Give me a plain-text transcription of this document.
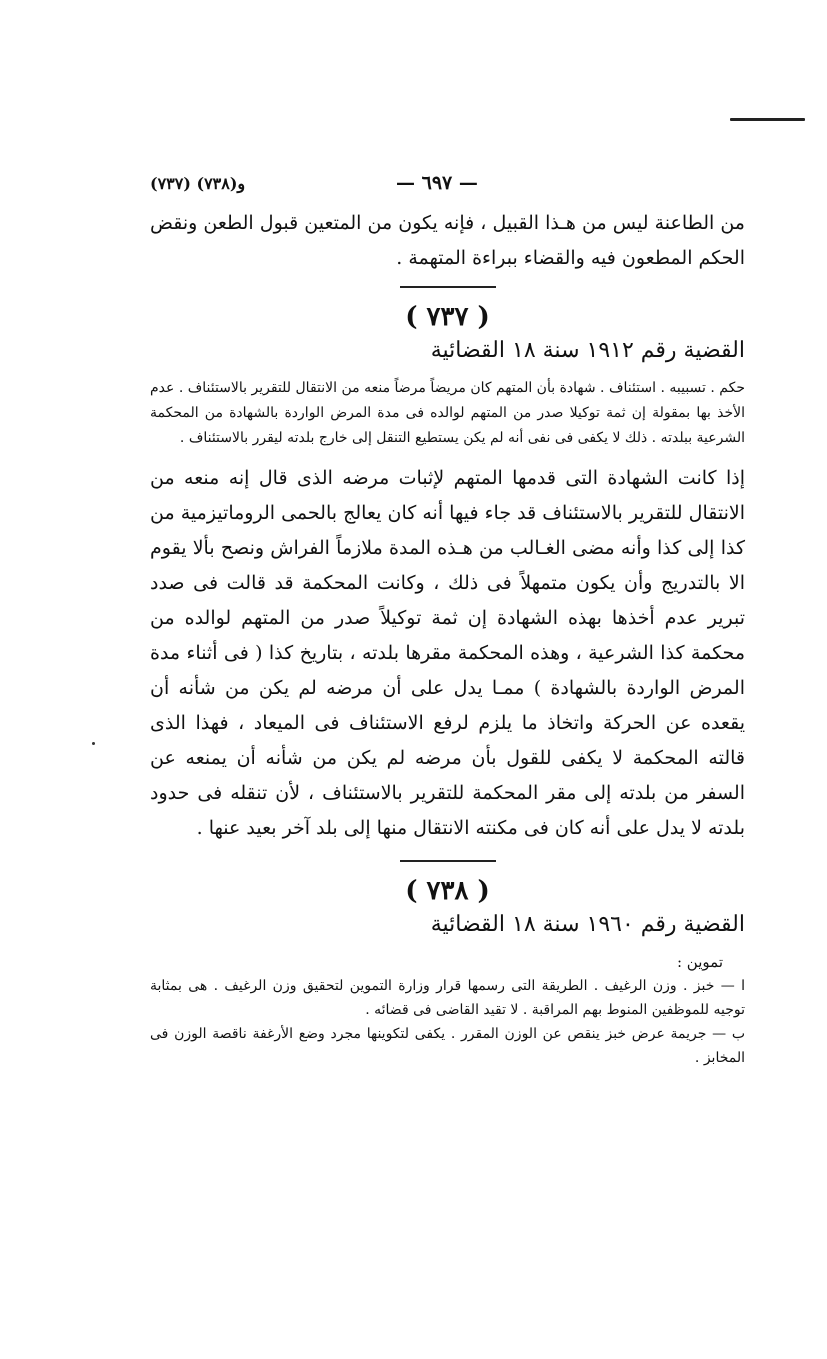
— ٦٩٧ —
(٧٣٧) و(٧٣٨)

من الطاعنة ليس من هـذا القبيل ، فإنه يكون من المتعين قبول الطعن ونقض الحكم المطعون فيه والقضاء ببراءة المتهمة .

( ٧٣٧ )
القضية رقم ١٩١٢ سنة ١٨ القضائية

حكم . تسبيبه . استئناف . شهادة بأن المتهم كان مريضاً مرضاً منعه من الانتقال للتقرير بالاستئناف . عدم الأخذ بها بمقولة إن ثمة توكيلا صدر من المتهم لوالده فى مدة المرض الواردة بالشهادة من المحكمة الشرعية ببلدته . ذلك لا يكفى فى نفى أنه لم يكن يستطيع التنقل إلى خارج بلدته ليقرر بالاستئناف .

إذا كانت الشهادة التى قدمها المتهم لإثبات مرضه الذى قال إنه منعه من الانتقال للتقرير بالاستئناف قد جاء فيها أنه كان يعالج بالحمى الروماتيزمية من كذا إلى كذا وأنه مضى الغـالب من هـذه المدة ملازماً الفراش ونصح بألا يقوم الا بالتدريج وأن يكون متمهلاً فى ذلك ، وكانت المحكمة قد قالت فى صدد تبرير عدم أخذها بهذه الشهادة إن ثمة توكيلاً صدر من المتهم لوالده من محكمة كذا الشرعية ، وهذه المحكمة مقرها بلدته ، بتاريخ كذا ( فى أثناء مدة المرض الواردة بالشهادة ) ممـا يدل على أن مرضه لم يكن من شأنه أن يقعده عن الحركة واتخاذ ما يلزم لرفع الاستئناف فى الميعاد ، فهذا الذى قالته المحكمة لا يكفى للقول بأن مرضه لم يكن من شأنه أن يمنعه عن السفر من بلدته إلى مقر المحكمة للتقرير بالاستئناف ، لأن تنقله فى حدود بلدته لا يدل على أنه كان فى مكنته الانتقال منها إلى بلد آخر بعيد عنها .

( ٧٣٨ )
القضية رقم ١٩٦٠ سنة ١٨ القضائية

تموين :

ا — خبز . وزن الرغيف . الطريقة التى رسمها قرار وزارة التموين لتحقيق وزن الرغيف . هى بمثابة توجيه للموظفين المنوط بهم المراقبة . لا تقيد القاضى فى قضائه .

ب — جريمة عرض خبز ينقص عن الوزن المقرر . يكفى لتكوينها مجرد وضع الأرغفة ناقصة الوزن فى المخابز .
